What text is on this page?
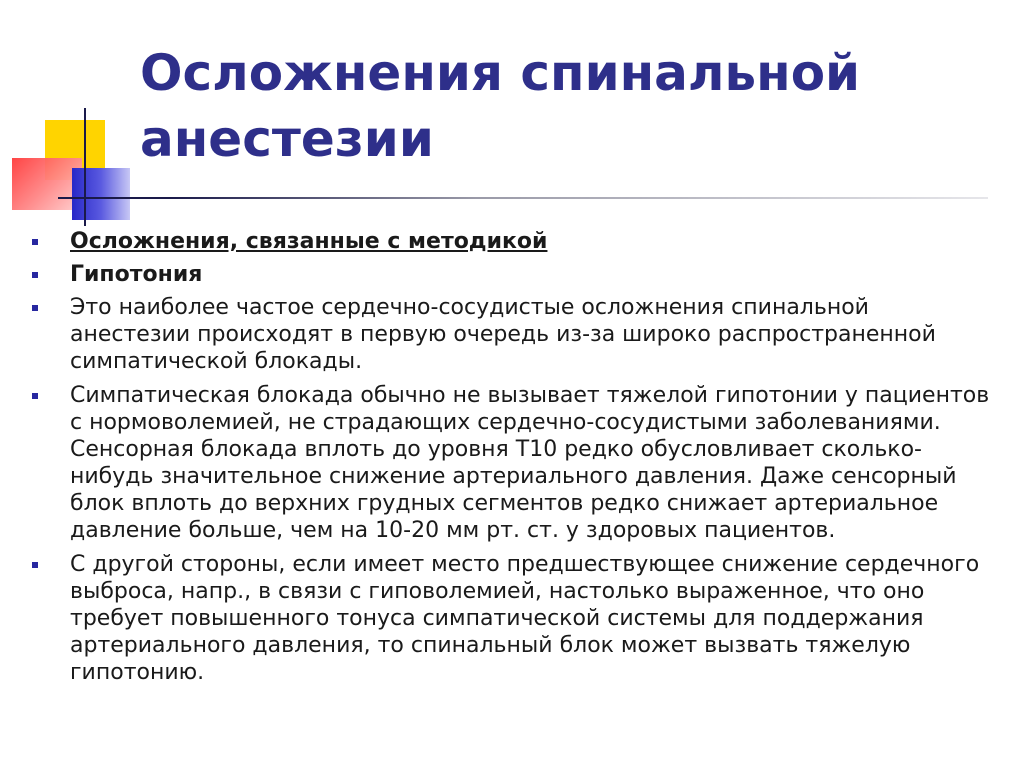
Осложнения спинальной анестезии
Осложнения, связанные с методикой
Гипотония
Это наиболее частое сердечно-сосудистые осложнения спинальной анестезии происходят в первую очередь из-за широко распространенной симпатической блокады.
Симпатическая блокада обычно не вызывает тяжелой гипотонии у пациентов с нормоволемией, не страдающих сердечно-сосудистыми заболеваниями. Сенсорная блокада вплоть до уровня Т10 редко обусловливает сколько-нибудь значительное снижение артериального давления. Даже сенсорный блок вплоть до верхних грудных сегментов редко снижает артериальное давление больше, чем на 10-20 мм рт. ст. у здоровых пациентов.
С другой стороны, если имеет место предшествующее снижение сердечного выброса, напр., в связи с гиповолемией, настолько выраженное, что оно требует повышенного тонуса симпатической системы для поддержания артериального давления, то спинальный блок может вызвать тяжелую гипотонию.
